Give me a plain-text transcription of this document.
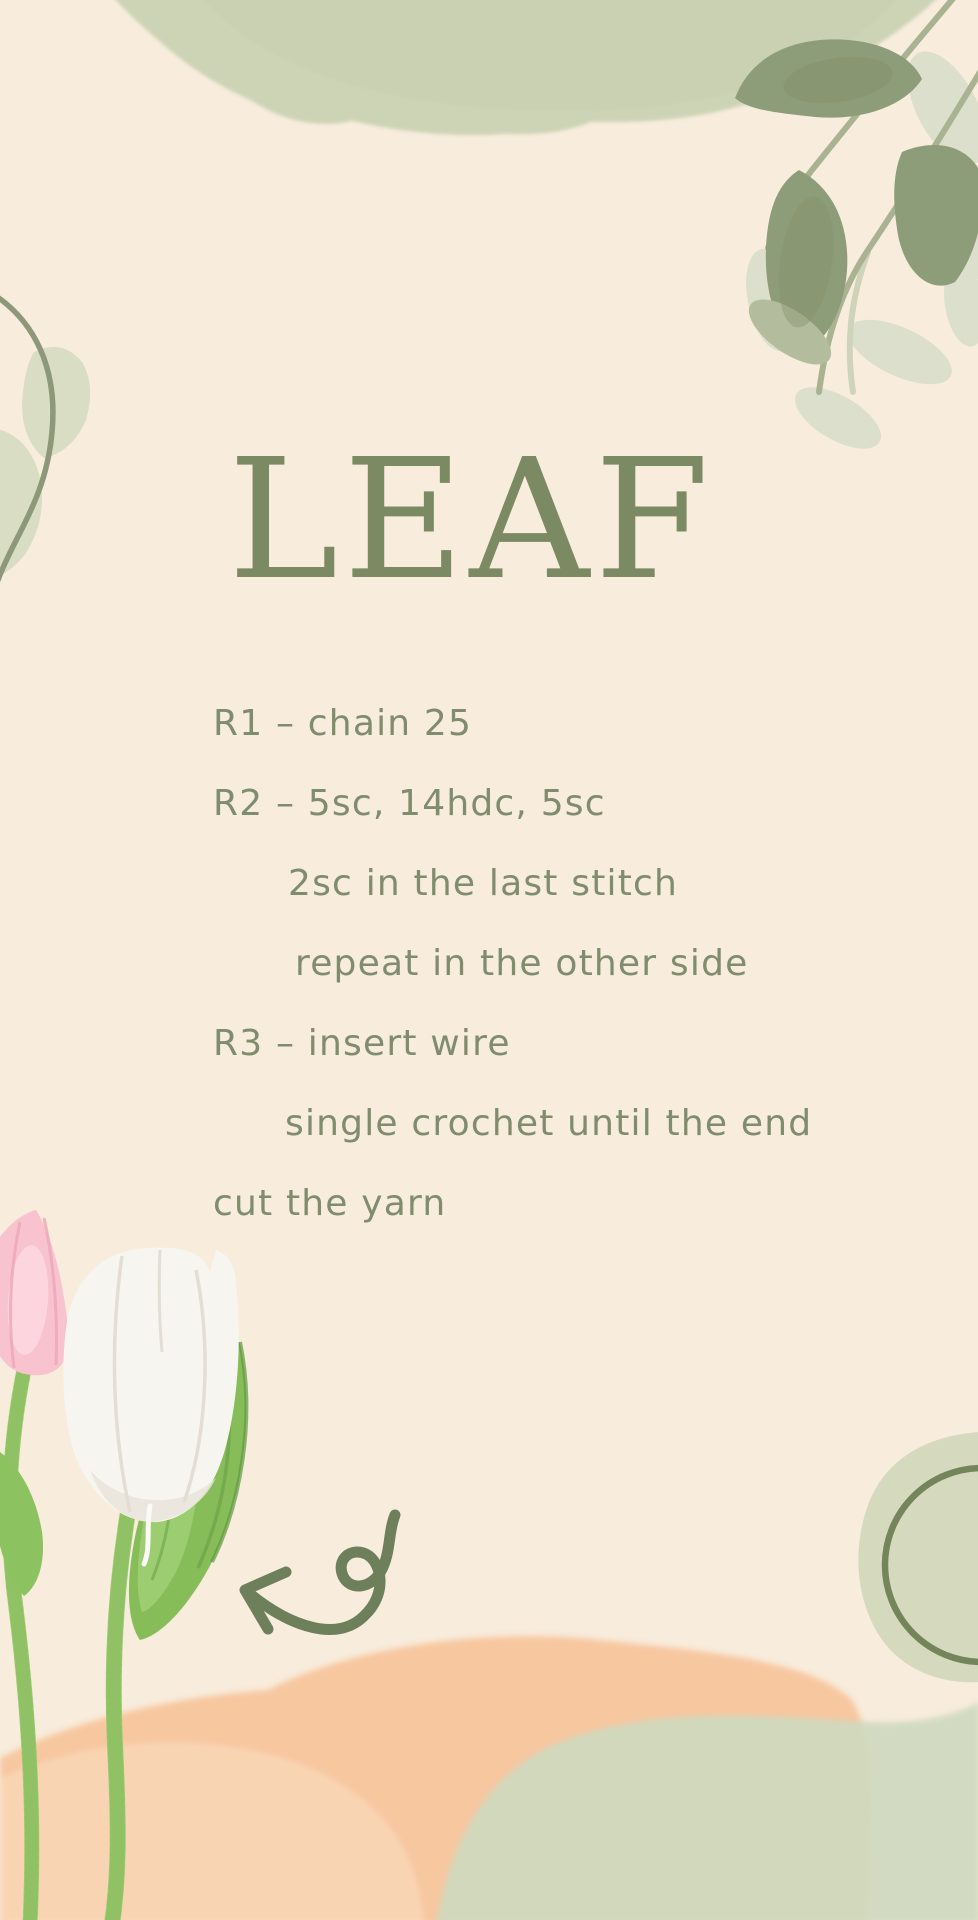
LEAF
R1 – chain 25
R2 – 5sc, 14hdc, 5sc
2sc in the last stitch
repeat in the other side
R3 – insert wire
single crochet until the end
cut the yarn
